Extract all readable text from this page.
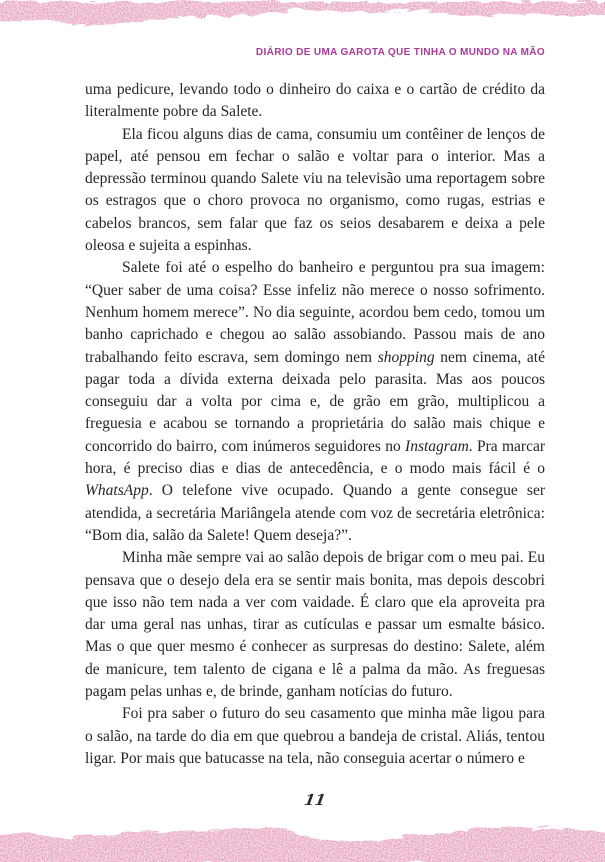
DIÁRIO DE UMA GAROTA QUE TINHA O MUNDO NA MÃO

uma pedicure, levando todo o dinheiro do caixa e o cartão de crédito da literalmente pobre da Salete.

Ela ficou alguns dias de cama, consumiu um contêiner de lenços de papel, até pensou em fechar o salão e voltar para o interior. Mas a depressão terminou quando Salete viu na televisão uma reportagem sobre os estragos que o choro provoca no organismo, como rugas, estrias e cabelos brancos, sem falar que faz os seios desabarem e deixa a pele oleosa e sujeita a espinhas.

Salete foi até o espelho do banheiro e perguntou pra sua imagem: “Quer saber de uma coisa? Esse infeliz não merece o nosso sofrimento. Nenhum homem merece”. No dia seguinte, acordou bem cedo, tomou um banho caprichado e chegou ao salão assobiando. Passou mais de ano trabalhando feito escrava, sem domingo nem shopping nem cinema, até pagar toda a dívida externa deixada pelo parasita. Mas aos poucos conseguiu dar a volta por cima e, de grão em grão, multiplicou a freguesia e acabou se tornando a proprietária do salão mais chique e concorrido do bairro, com inúmeros seguidores no Instagram. Pra marcar hora, é preciso dias e dias de antecedência, e o modo mais fácil é o WhatsApp. O telefone vive ocupado. Quando a gente consegue ser atendida, a secretária Mariângela atende com voz de secretária eletrônica: “Bom dia, salão da Salete! Quem deseja?”.

Minha mãe sempre vai ao salão depois de brigar com o meu pai. Eu pensava que o desejo dela era se sentir mais bonita, mas depois descobri que isso não tem nada a ver com vaidade. É claro que ela aproveita pra dar uma geral nas unhas, tirar as cutículas e passar um esmalte básico. Mas o que quer mesmo é conhecer as surpresas do destino: Salete, além de manicure, tem talento de cigana e lê a palma da mão. As freguesas pagam pelas unhas e, de brinde, ganham notícias do futuro.

Foi pra saber o futuro do seu casamento que minha mãe ligou para o salão, na tarde do dia em que quebrou a bandeja de cristal. Aliás, tentou ligar. Por mais que batucasse na tela, não conseguia acertar o número e

11
